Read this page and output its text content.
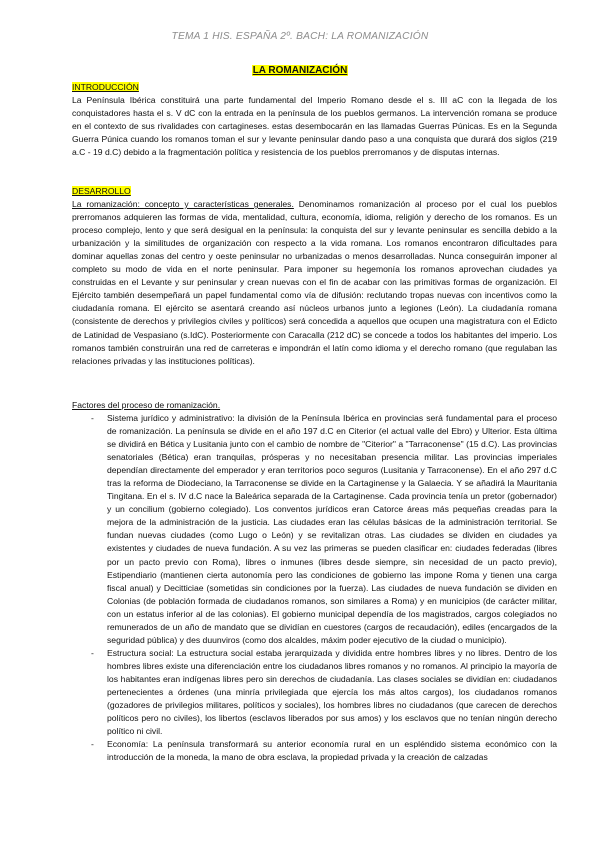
TEMA 1 HIS. ESPAÑA 2º. BACH: LA ROMANIZACIÓN
LA ROMANIZACIÓN
INTRODUCCIÓN
La Península Ibérica constituirá una parte fundamental del Imperio Romano desde el s. III aC con la llegada de los conquistadores hasta el s. V dC con la entrada en la península de los pueblos germanos. La intervención romana se produce en el contexto de sus rivalidades con cartagineses. estas desembocarán en las llamadas Guerras Púnicas. Es en la Segunda Guerra Púnica cuando los romanos toman el sur y levante peninsular dando paso a una conquista que durará dos siglos (219 a.C - 19 d.C) debido a la fragmentación política y resistencia de los pueblos prerromanos y de disputas internas.
DESARROLLO
La romanización: concepto y características generales. Denominamos romanización al proceso por el cual los pueblos prerromanos adquieren las formas de vida, mentalidad, cultura, economía, idioma, religión y derecho de los romanos. Es un proceso complejo, lento y que será desigual en la península: la conquista del sur y levante peninsular es sencilla debido a la urbanización y la similitudes de organización con respecto a la vida romana. Los romanos encontraron dificultades para dominar aquellas zonas del centro y oeste peninsular no urbanizadas o menos desarrolladas. Nunca conseguirán imponer al completo su modo de vida en el norte peninsular. Para imponer su hegemonía los romanos aprovechan ciudades ya construidas en el Levante y sur peninsular y crean nuevas con el fin de acabar con las primitivas formas de organización. El Ejército también desempeñará un papel fundamental como vía de difusión: reclutando tropas nuevas con incentivos como la ciudadanía romana. El ejército se asentará creando así núcleos urbanos junto a legiones (León). La ciudadanía romana (consistente de derechos y privilegios civiles y políticos) será concedida a aquellos que ocupen una magistratura con el Edicto de Latinidad de Vespasiano (s.IdC). Posteriormente con Caracalla (212 dC) se concede a todos los habitantes del imperio. Los romanos también construirán una red de carreteras e impondrán el latín como idioma y el derecho romano (que regulaban las relaciones privadas y las instituciones políticas).
Factores del proceso de romanización.
- Sistema jurídico y administrativo: la división de la Península Ibérica en provincias será fundamental para el proceso de romanización. La península se divide en el año 197 d.C en Citerior (el actual valle del Ebro) y Ulterior. Esta última se dividirá en Bética y Lusitania junto con el cambio de nombre de "Citerior" a "Tarraconense" (15 d.C). Las provincias senatoriales (Bética) eran tranquilas, prósperas y no necesitaban presencia militar. Las provincias imperiales dependían directamente del emperador y eran territorios poco seguros (Lusitania y Tarraconense). En el año 297 d.C tras la reforma de Diodeciano, la Tarraconense se divide en la Cartaginense y la Galaecia. Y se añadirá la Mauritania Tingitana. En el s. IV d.C nace la Baleárica separada de la Cartaginense. Cada provincia tenía un pretor (gobernador) y un concilium (gobierno colegiado). Los conventos jurídicos eran Catorce áreas más pequeñas creadas para la mejora de la administración de la justicia. Las ciudades eran las células básicas de la administración territorial. Se fundan nuevas ciudades (como Lugo o León) y se revitalizan otras. Las ciudades se dividen en ciudades ya existentes y ciudades de nueva fundación. A su vez las primeras se pueden clasificar en: ciudades federadas (libres por un pacto previo con Roma), libres o inmunes (libres desde siempre, sin necesidad de un pacto previo), Estipendiario (mantienen cierta autonomía pero las condiciones de gobierno las impone Roma y tienen una carga fiscal anual) y Decitticiae (sometidas sin condiciones por la fuerza). Las ciudades de nueva fundación se dividen en Colonias (de población formada de ciudadanos romanos, son similares a Roma) y en municipios (de carácter militar, con un estatus inferior al de las colonias). El gobierno municipal dependía de los magistrados, cargos colegiados no remunerados de un año de mandato que se dividían en cuestores (cargos de recaudación), ediles (encargados de la seguridad pública) y des duunviros (como dos alcaldes, máxim poder ejecutivo de la ciudad o municipio).
- Estructura social: La estructura social estaba jerarquizada y dividida entre hombres libres y no libres. Dentro de los hombres libres existe una diferenciación entre los ciudadanos libres romanos y no romanos. Al principio la mayoría de los habitantes eran indígenas libres pero sin derechos de ciudadanía. Las clases sociales se dividían en: ciudadanos pertenecientes a órdenes (una minría privilegiada que ejercía los más altos cargos), los ciudadanos romanos (gozadores de privilegios militares, políticos y sociales), los hombres libres no ciudadanos (que carecen de derechos políticos pero no civiles), los libertos (esclavos liberados por sus amos) y los esclavos que no tenían ningún derecho político ni civil.
- Economía: La península transformará su anterior economía rural en un espléndido sistema económico con la introducción de la moneda, la mano de obra esclava, la propiedad privada y la creación de calzadas
